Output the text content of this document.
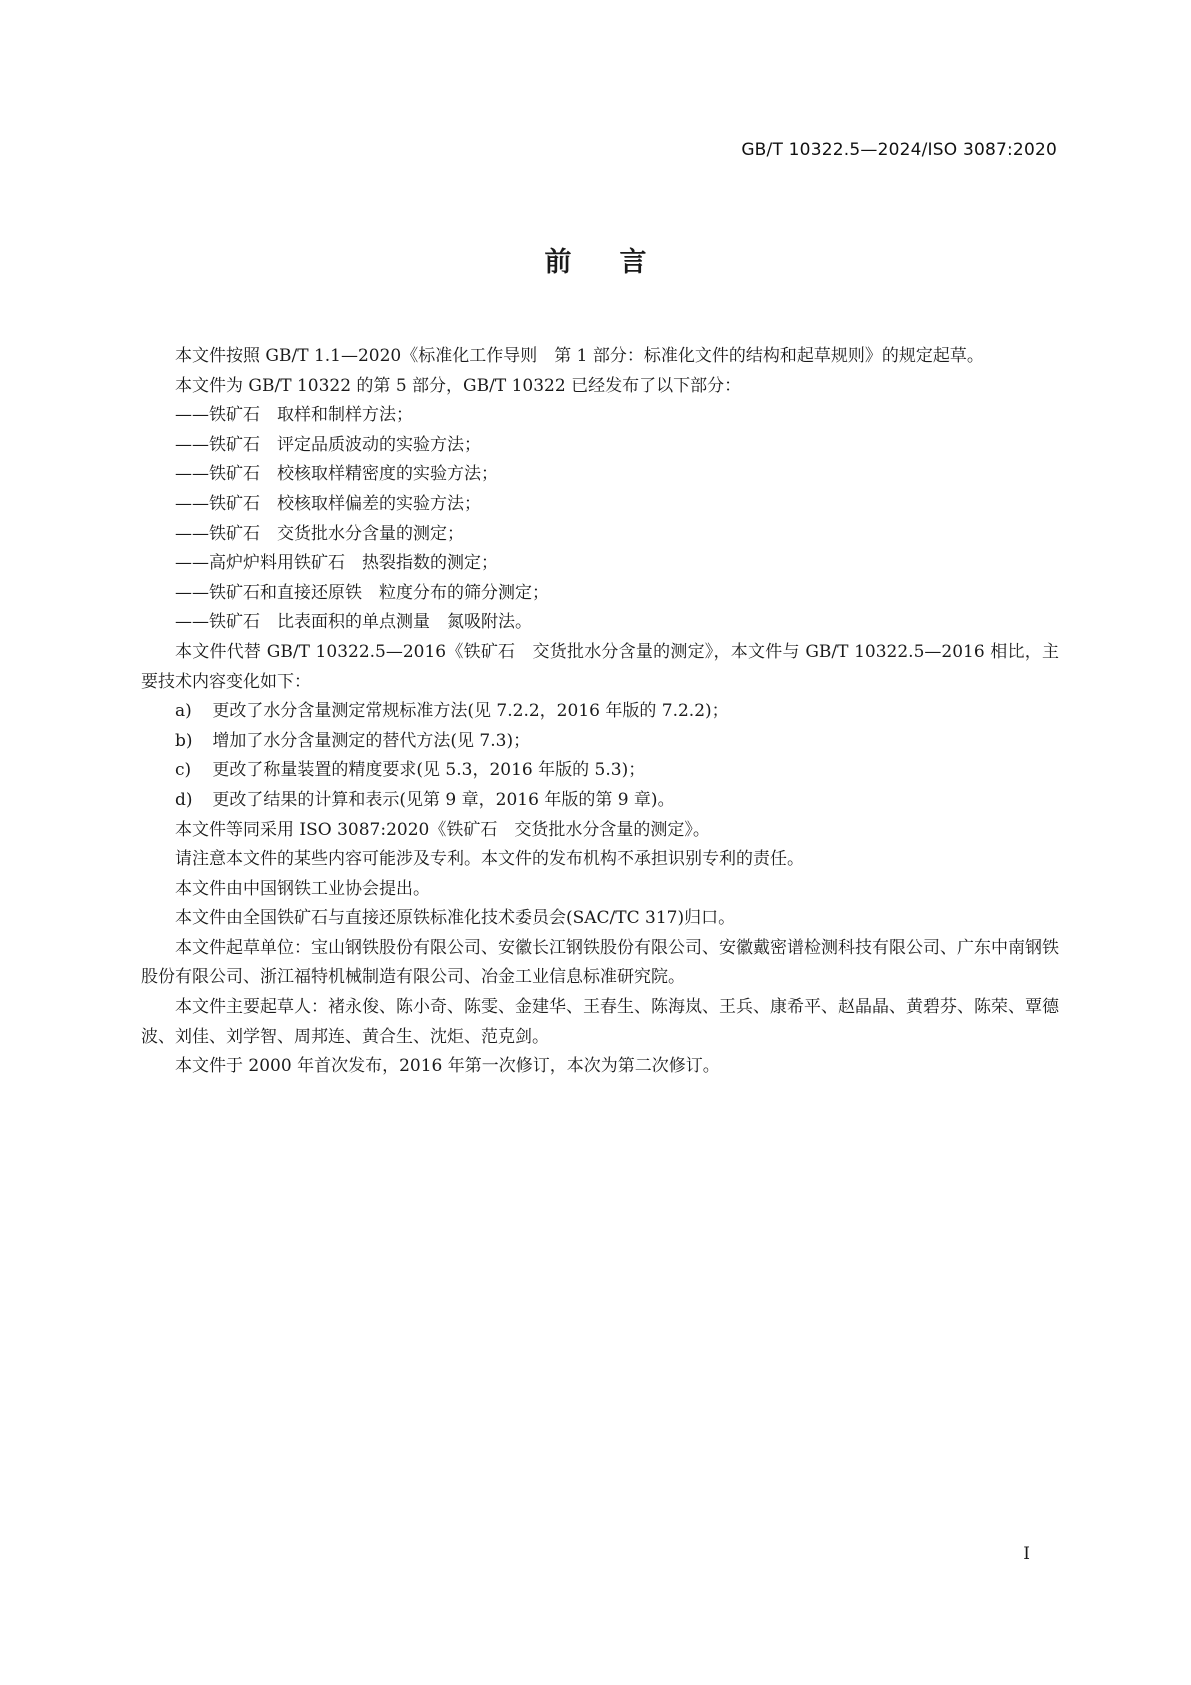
GB/T 10322.5—2024/ISO 3087:2020
前言

本文件按照 GB/T 1.1—2020《标准化工作导则　第 1 部分：标准化文件的结构和起草规则》的规定起草。

本文件为 GB/T 10322 的第 5 部分，GB/T 10322 已经发布了以下部分：

——铁矿石　取样和制样方法；

——铁矿石　评定品质波动的实验方法；

——铁矿石　校核取样精密度的实验方法；

——铁矿石　校核取样偏差的实验方法；

——铁矿石　交货批水分含量的测定；

——高炉炉料用铁矿石　热裂指数的测定；

——铁矿石和直接还原铁　粒度分布的筛分测定；

——铁矿石　比表面积的单点测量　氮吸附法。

本文件代替 GB/T 10322.5—2016《铁矿石　交货批水分含量的测定》，本文件与 GB/T 10322.5—2016 相比，主要技术内容变化如下：

a) 更改了水分含量测定常规标准方法(见 7.2.2，2016 年版的 7.2.2)；

b) 增加了水分含量测定的替代方法(见 7.3)；

c) 更改了称量装置的精度要求(见 5.3，2016 年版的 5.3)；

d) 更改了结果的计算和表示(见第 9 章，2016 年版的第 9 章)。

本文件等同采用 ISO 3087:2020《铁矿石　交货批水分含量的测定》。

请注意本文件的某些内容可能涉及专利。本文件的发布机构不承担识别专利的责任。

本文件由中国钢铁工业协会提出。

本文件由全国铁矿石与直接还原铁标准化技术委员会(SAC/TC 317)归口。

本文件起草单位：宝山钢铁股份有限公司、安徽长江钢铁股份有限公司、安徽戴密谱检测科技有限公司、广东中南钢铁股份有限公司、浙江福特机械制造有限公司、冶金工业信息标准研究院。

本文件主要起草人：褚永俊、陈小奇、陈雯、金建华、王春生、陈海岚、王兵、康希平、赵晶晶、黄碧芬、陈荣、覃德波、刘佳、刘学智、周邦连、黄合生、沈炬、范克剑。

本文件于 2000 年首次发布，2016 年第一次修订，本次为第二次修订。

I
